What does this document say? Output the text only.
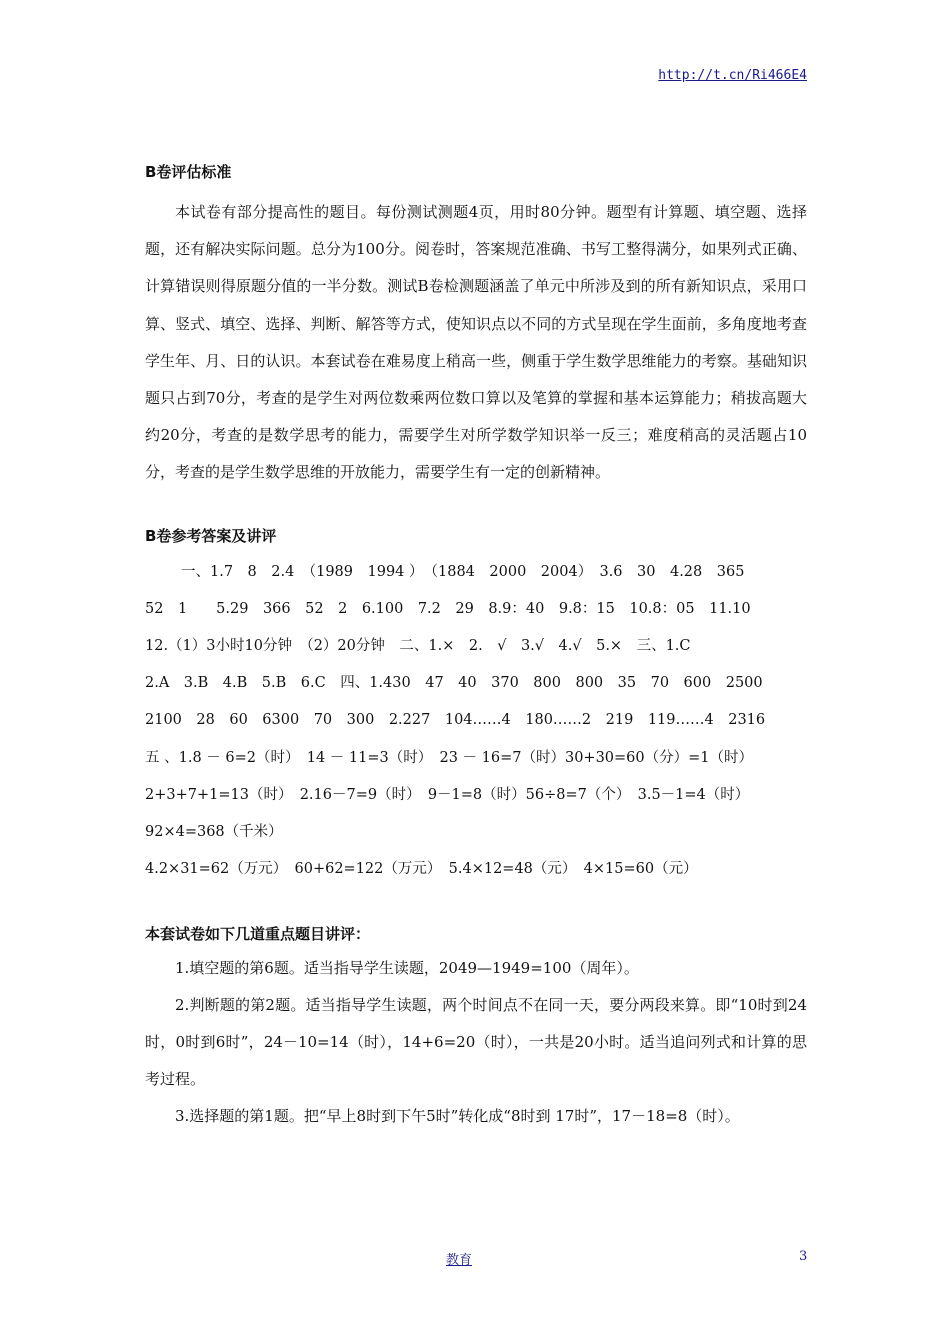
http://t.cn/Ri466E4
B卷评估标准

本试卷有部分提高性的题目。每份测试测题4页，用时80分钟。题型有计算题、填空题、选择题，还有解决实际问题。总分为100分。阅卷时，答案规范准确、书写工整得满分，如果列式正确、计算错误则得原题分值的一半分数。测试B卷检测题涵盖了单元中所涉及到的所有新知识点，采用口算、竖式、填空、选择、判断、解答等方式，使知识点以不同的方式呈现在学生面前，多角度地考查学生年、月、日的认识。本套试卷在难易度上稍高一些，侧重于学生数学思维能力的考察。基础知识题只占到70分，考查的是学生对两位数乘两位数口算以及笔算的掌握和基本运算能力；稍拔高题大约20分，考查的是数学思考的能力，需要学生对所学数学知识举一反三；难度稍高的灵活题占10分，考查的是学生数学思维的开放能力，需要学生有一定的创新精神。

B卷参考答案及讲评

一、1.7　8　2.4　（1989　1994 ）　（1884　2000　2004）　3.6　30　4.28　365

52　1　　5.29　366　52　2　6.100　7.2　29　8.9：40　9.8：15　10.8：05　11.10

12.（1）3小时10分钟　（2）20分钟　二、1.×　2.　√　3.√　4.√　5.×　三、1.C

2.A　3.B　4.B　5.B　6.C　四、1.430　47　40　370　800　800　35　70　600　2500

2100　28　60　6300　70　300　2.227　104……4　180……2　219　119……4　2316

五 、1.8 － 6=2（时）　14 － 11=3（时）　23 － 16=7（时）30+30=60（分）=1（时）

2+3+7+1=13（时）　2.16－7=9（时）　9－1=8（时）56÷8=7（个）　3.5－1=4（时）

92×4=368（千米）

4.2×31=62（万元）　60+62=122（万元）　5.4×12=48（元）　4×15=60（元）

本套试卷如下几道重点题目讲评：

1.填空题的第6题。适当指导学生读题，2049—1949=100（周年）。

2.判断题的第2题。适当指导学生读题，两个时间点不在同一天，要分两段来算。即“10时到24时，0时到6时”，24－10=14（时），14+6=20（时），一共是20小时。适当追问列式和计算的思考过程。

3.选择题的第1题。把“早上8时到下午5时”转化成“8时到 17时”，17－18=8（时）。

教育	3
